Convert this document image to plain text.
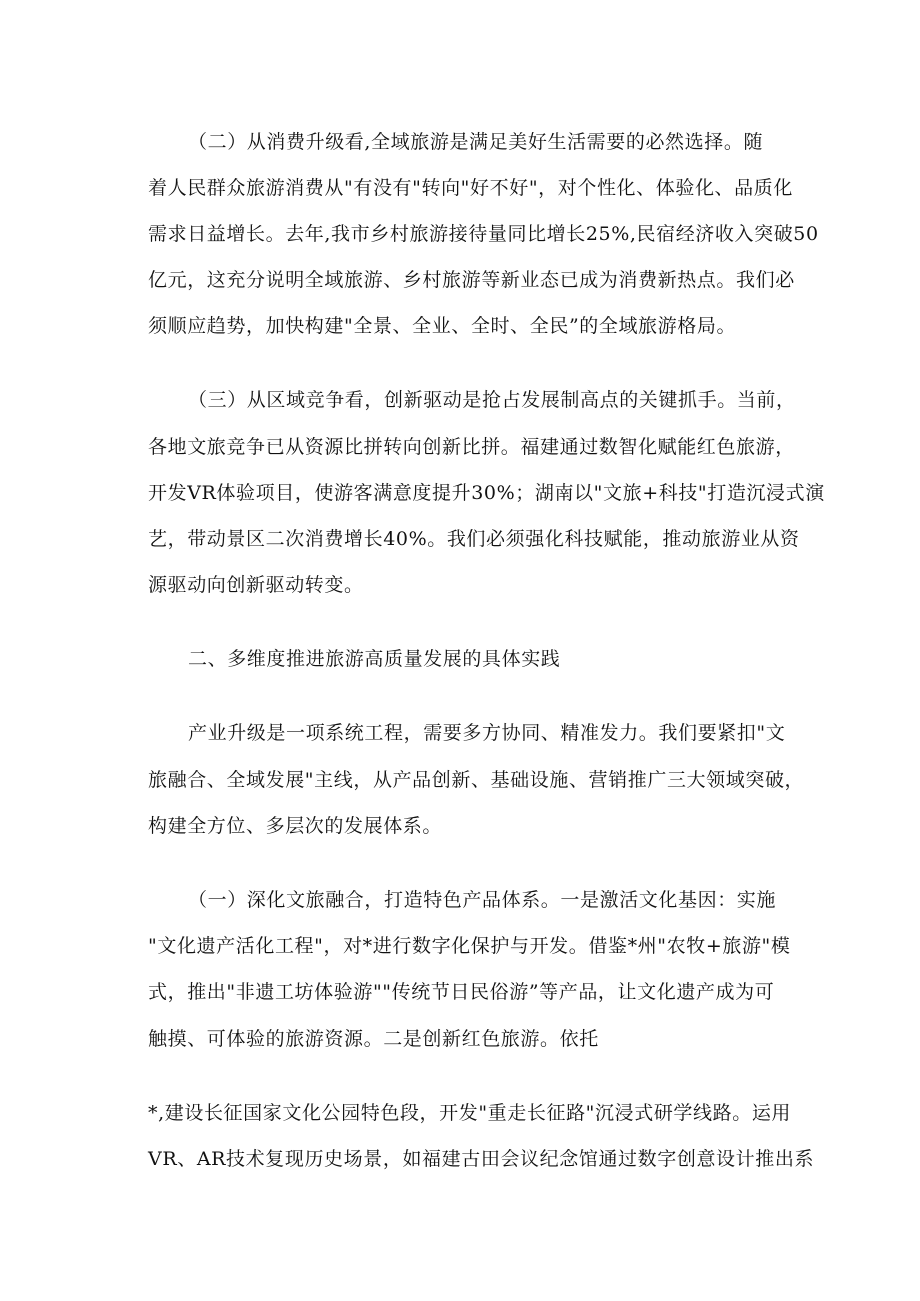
（二）从消费升级看,全域旅游是满足美好生活需要的必然选择。随
着人民群众旅游消费从"有没有"转向"好不好"，对个性化、体验化、品质化
需求日益增长。去年,我市乡村旅游接待量同比增长25%,民宿经济收入突破50
亿元，这充分说明全域旅游、乡村旅游等新业态已成为消费新热点。我们必
须顺应趋势，加快构建"全景、全业、全时、全民”的全域旅游格局。
（三）从区域竞争看，创新驱动是抢占发展制高点的关键抓手。当前，
各地文旅竞争已从资源比拼转向创新比拼。福建通过数智化赋能红色旅游，
开发VR体验项目，使游客满意度提升30%；湖南以"文旅+科技"打造沉浸式演
艺，带动景区二次消费增长40%。我们必须强化科技赋能，推动旅游业从资
源驱动向创新驱动转变。
二、多维度推进旅游高质量发展的具体实践
产业升级是一项系统工程，需要多方协同、精准发力。我们要紧扣"文
旅融合、全域发展"主线，从产品创新、基础设施、营销推广三大领域突破，
构建全方位、多层次的发展体系。
（一）深化文旅融合，打造特色产品体系。一是激活文化基因：实施
"文化遗产活化工程"，对*进行数字化保护与开发。借鉴*州"农牧+旅游"模
式，推出"非遗工坊体验游""传统节日民俗游”等产品，让文化遗产成为可
触摸、可体验的旅游资源。二是创新红色旅游。依托
*,建设长征国家文化公园特色段，开发"重走长征路"沉浸式研学线路。运用
VR、AR技术复现历史场景，如福建古田会议纪念馆通过数字创意设计推出系
